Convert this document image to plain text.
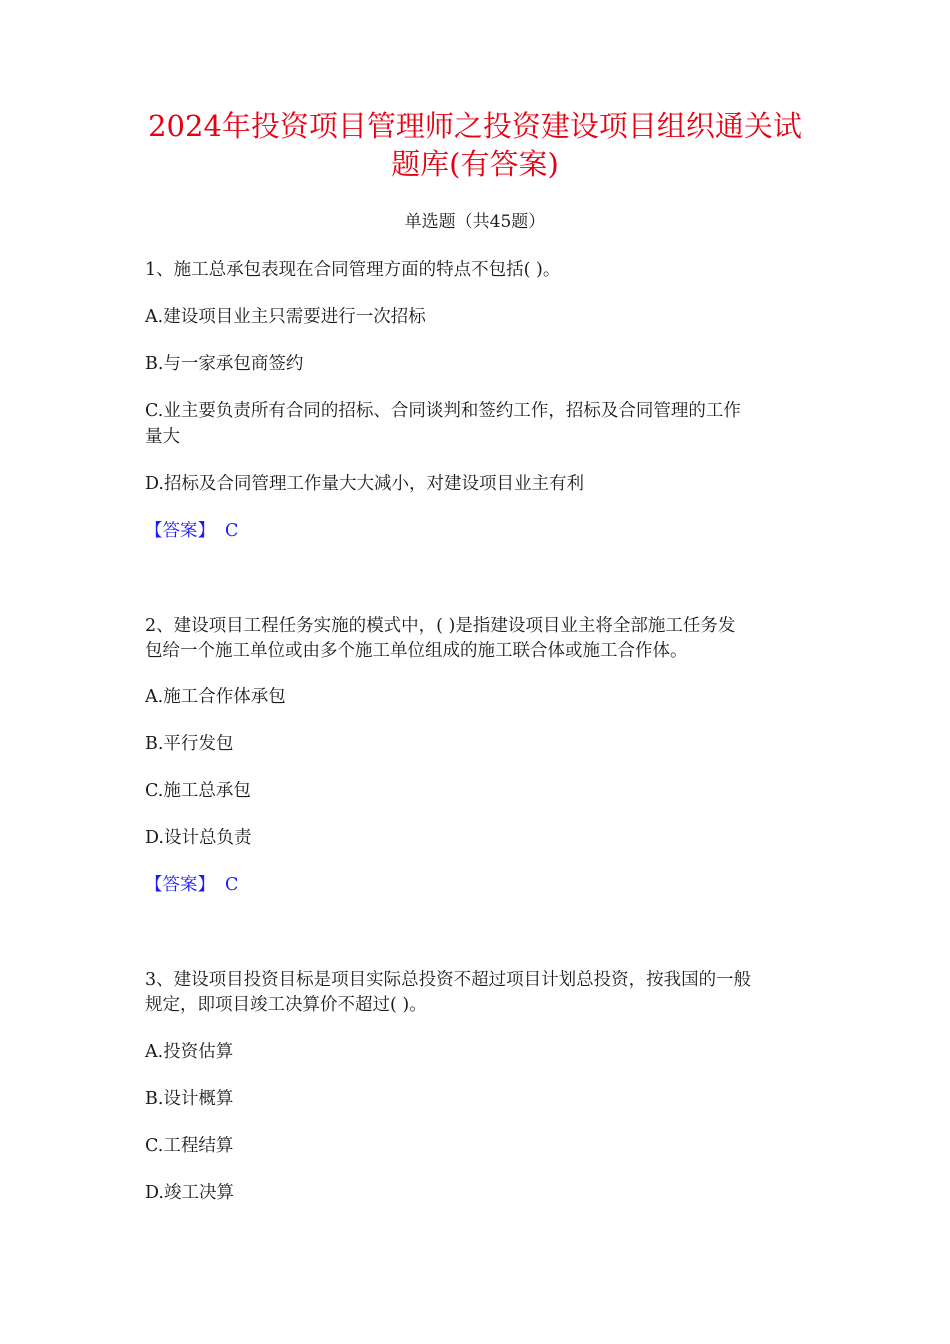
2024年投资项目管理师之投资建设项目组织通关试
题库(有答案)
单选题（共45题）
1、施工总承包表现在合同管理方面的特点不包括( )。
A.建设项目业主只需要进行一次招标
B.与一家承包商签约
C.业主要负责所有合同的招标、合同谈判和签约工作，招标及合同管理的工作
量大
D.招标及合同管理工作量大大减小，对建设项目业主有利
【答案】 C
2、建设项目工程任务实施的模式中，( )是指建设项目业主将全部施工任务发
包给一个施工单位或由多个施工单位组成的施工联合体或施工合作体。
A.施工合作体承包
B.平行发包
C.施工总承包
D.设计总负责
【答案】 C
3、建设项目投资目标是项目实际总投资不超过项目计划总投资，按我国的一般
规定，即项目竣工决算价不超过( )。
A.投资估算
B.设计概算
C.工程结算
D.竣工决算
